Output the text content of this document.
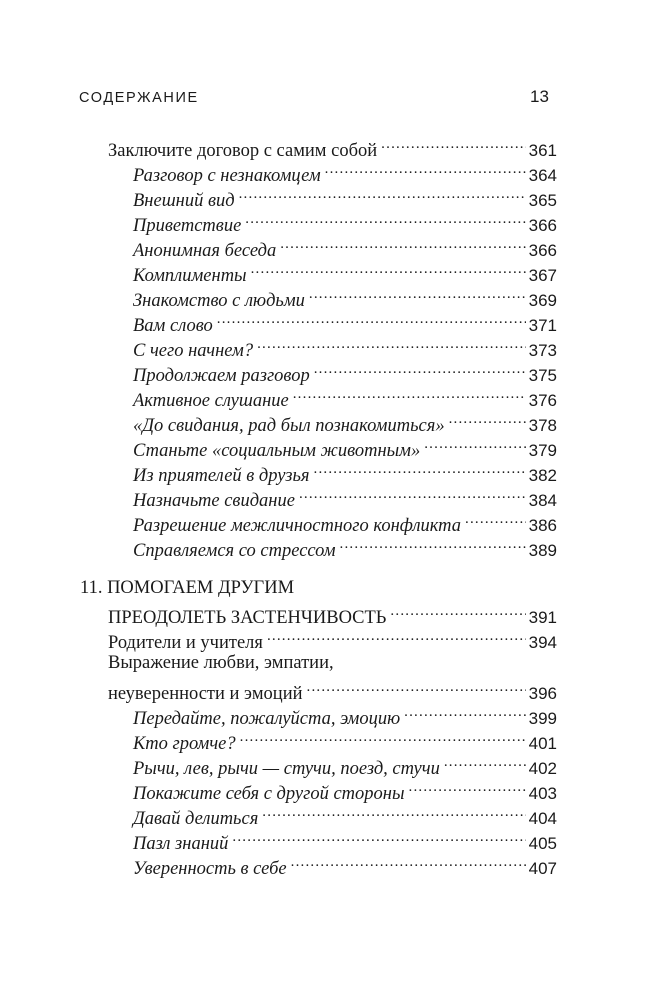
СОДЕРЖАНИЕ	13
Заключите договор с самим собой .....	361
Разговор с незнакомцем .....	364
Внешний вид .....	365
Приветствие .....	366
Анонимная беседа .....	366
Комплименты .....	367
Знакомство с людьми .....	369
Вам слово .....	371
С чего начнем? .....	373
Продолжаем разговор .....	375
Активное слушание .....	376
«До свидания, рад был познакомиться» .....	378
Станьте «социальным животным» .....	379
Из приятелей в друзья .....	382
Назначьте свидание .....	384
Разрешение межличностного конфликта .....	386
Справляемся со стрессом .....	389
11. ПОМОГАЕМ ДРУГИМ
ПРЕОДОЛЕТЬ ЗАСТЕНЧИВОСТЬ .....	391
Родители и учителя .....	394
Выражение любви, эмпатии,
неуверенности и эмоций .....	396
Передайте, пожалуйста, эмоцию .....	399
Кто громче? .....	401
Рычи, лев, рычи — стучи, поезд, стучи .....	402
Покажите себя с другой стороны .....	403
Давай делиться .....	404
Пазл знаний .....	405
Уверенность в себе .....	407
